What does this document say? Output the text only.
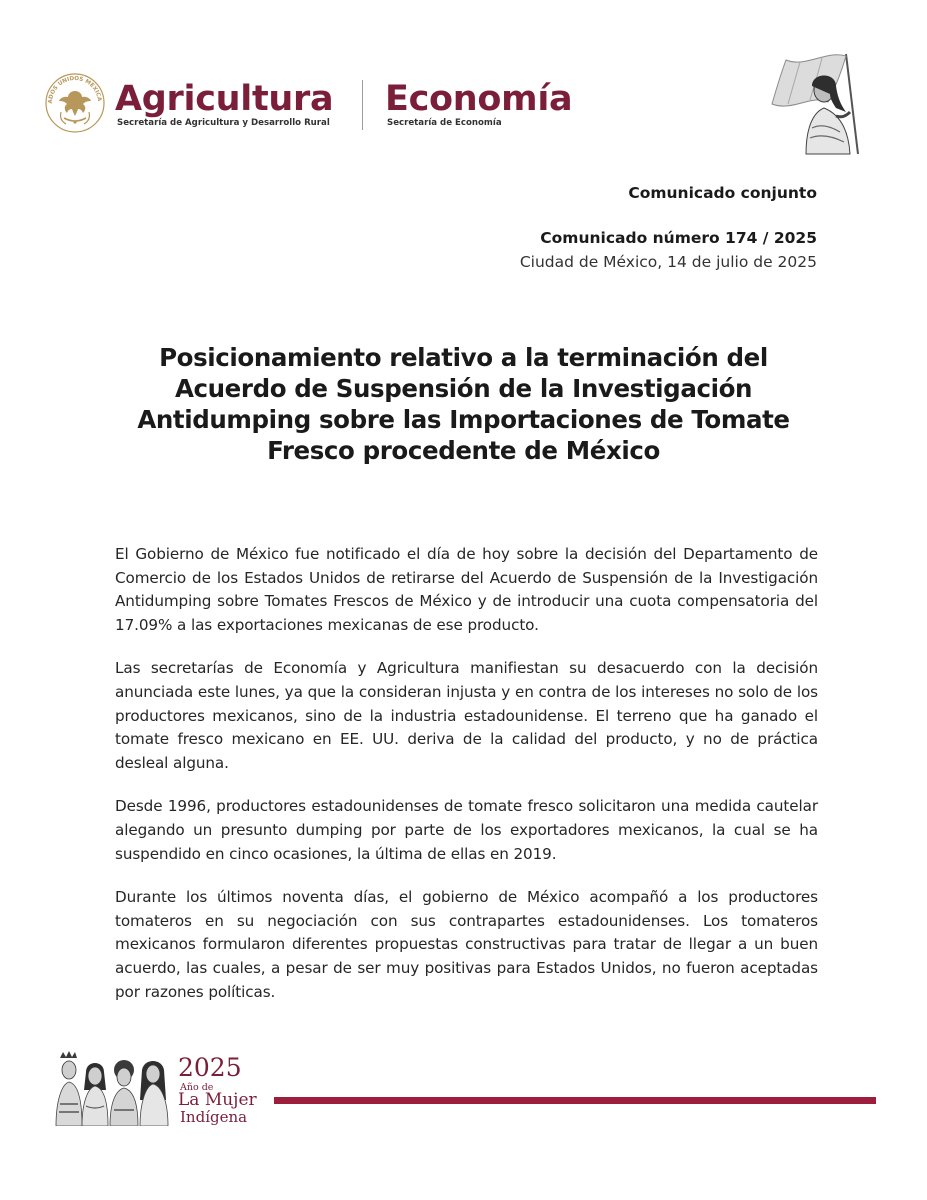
ADOS UNIDOS MEXICA Agricultura
Secretaría de Agricultura y Desarrollo Rural
Economía
Secretaría de Economía
Comunicado conjunto
Comunicado número 174 / 2025
Ciudad de México, 14 de julio de 2025
Posicionamiento relativo a la terminación del
Acuerdo de Suspensión de la Investigación
Antidumping sobre las Importaciones de Tomate
Fresco procedente de México

El Gobierno de México fue notificado el día de hoy sobre la decisión del Departamento de Comercio de los Estados Unidos de retirarse del Acuerdo de Suspensión de la Investigación Antidumping sobre Tomates Frescos de México y de introducir una cuota compensatoria del 17.09% a las exportaciones mexicanas de ese producto.

Las secretarías de Economía y Agricultura manifiestan su desacuerdo con la decisión anunciada este lunes, ya que la consideran injusta y en contra de los intereses no solo de los productores mexicanos, sino de la industria estadounidense. El terreno que ha ganado el tomate fresco mexicano en EE. UU. deriva de la calidad del producto, y no de práctica desleal alguna.

Desde 1996, productores estadounidenses de tomate fresco solicitaron una medida cautelar alegando un presunto dumping por parte de los exportadores mexicanos, la cual se ha suspendido en cinco ocasiones, la última de ellas en 2019.

Durante los últimos noventa días, el gobierno de México acompañó a los productores tomateros en su negociación con sus contrapartes estadounidenses. Los tomateros mexicanos formularon diferentes propuestas constructivas para tratar de llegar a un buen acuerdo, las cuales, a pesar de ser muy positivas para Estados Unidos, no fueron aceptadas por razones políticas.

2025
Año de
La Mujer
Indígena
